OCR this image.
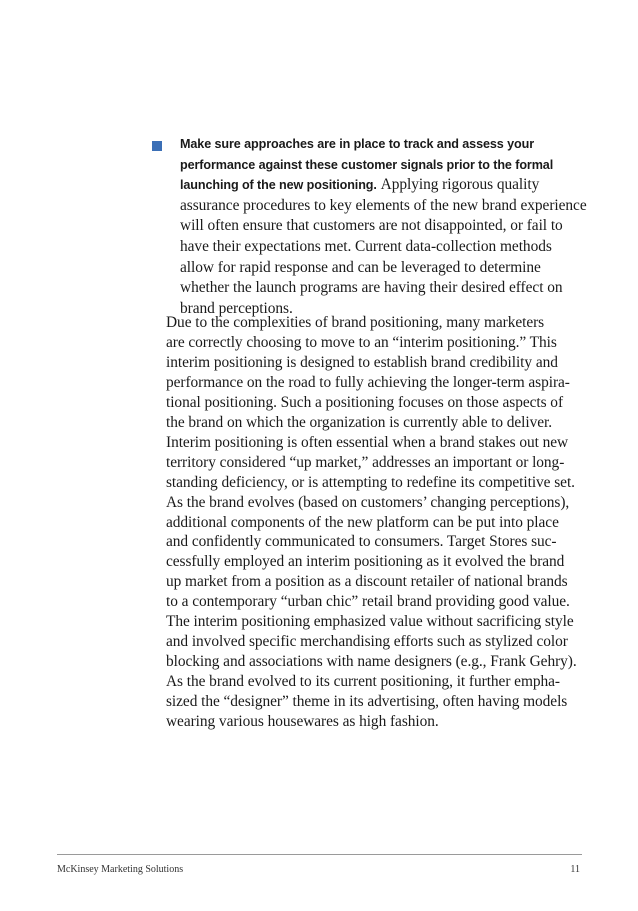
Make sure approaches are in place to track and assess your
performance against these customer signals prior to the formal
launching of the new positioning. Applying rigorous quality
assurance procedures to key elements of the new brand experience
will often ensure that customers are not disappointed, or fail to
have their expectations met. Current data-collection methods
allow for rapid response and can be leveraged to determine
whether the launch programs are having their desired effect on
brand perceptions.

Due to the complexities of brand positioning, many marketers
are correctly choosing to move to an “interim positioning.” This
interim positioning is designed to establish brand credibility and
performance on the road to fully achieving the longer-term aspira-
tional positioning. Such a positioning focuses on those aspects of
the brand on which the organization is currently able to deliver.
Interim positioning is often essential when a brand stakes out new
territory considered “up market,” addresses an important or long-
standing deficiency, or is attempting to redefine its competitive set.
As the brand evolves (based on customers’ changing perceptions),
additional components of the new platform can be put into place
and confidently communicated to consumers. Target Stores suc-
cessfully employed an interim positioning as it evolved the brand
up market from a position as a discount retailer of national brands
to a contemporary “urban chic” retail brand providing good value.
The interim positioning emphasized value without sacrificing style
and involved specific merchandising efforts such as stylized color
blocking and associations with name designers (e.g., Frank Gehry).
As the brand evolved to its current positioning, it further empha-
sized the “designer” theme in its advertising, often having models
wearing various housewares as high fashion.

McKinsey Marketing Solutions	11
